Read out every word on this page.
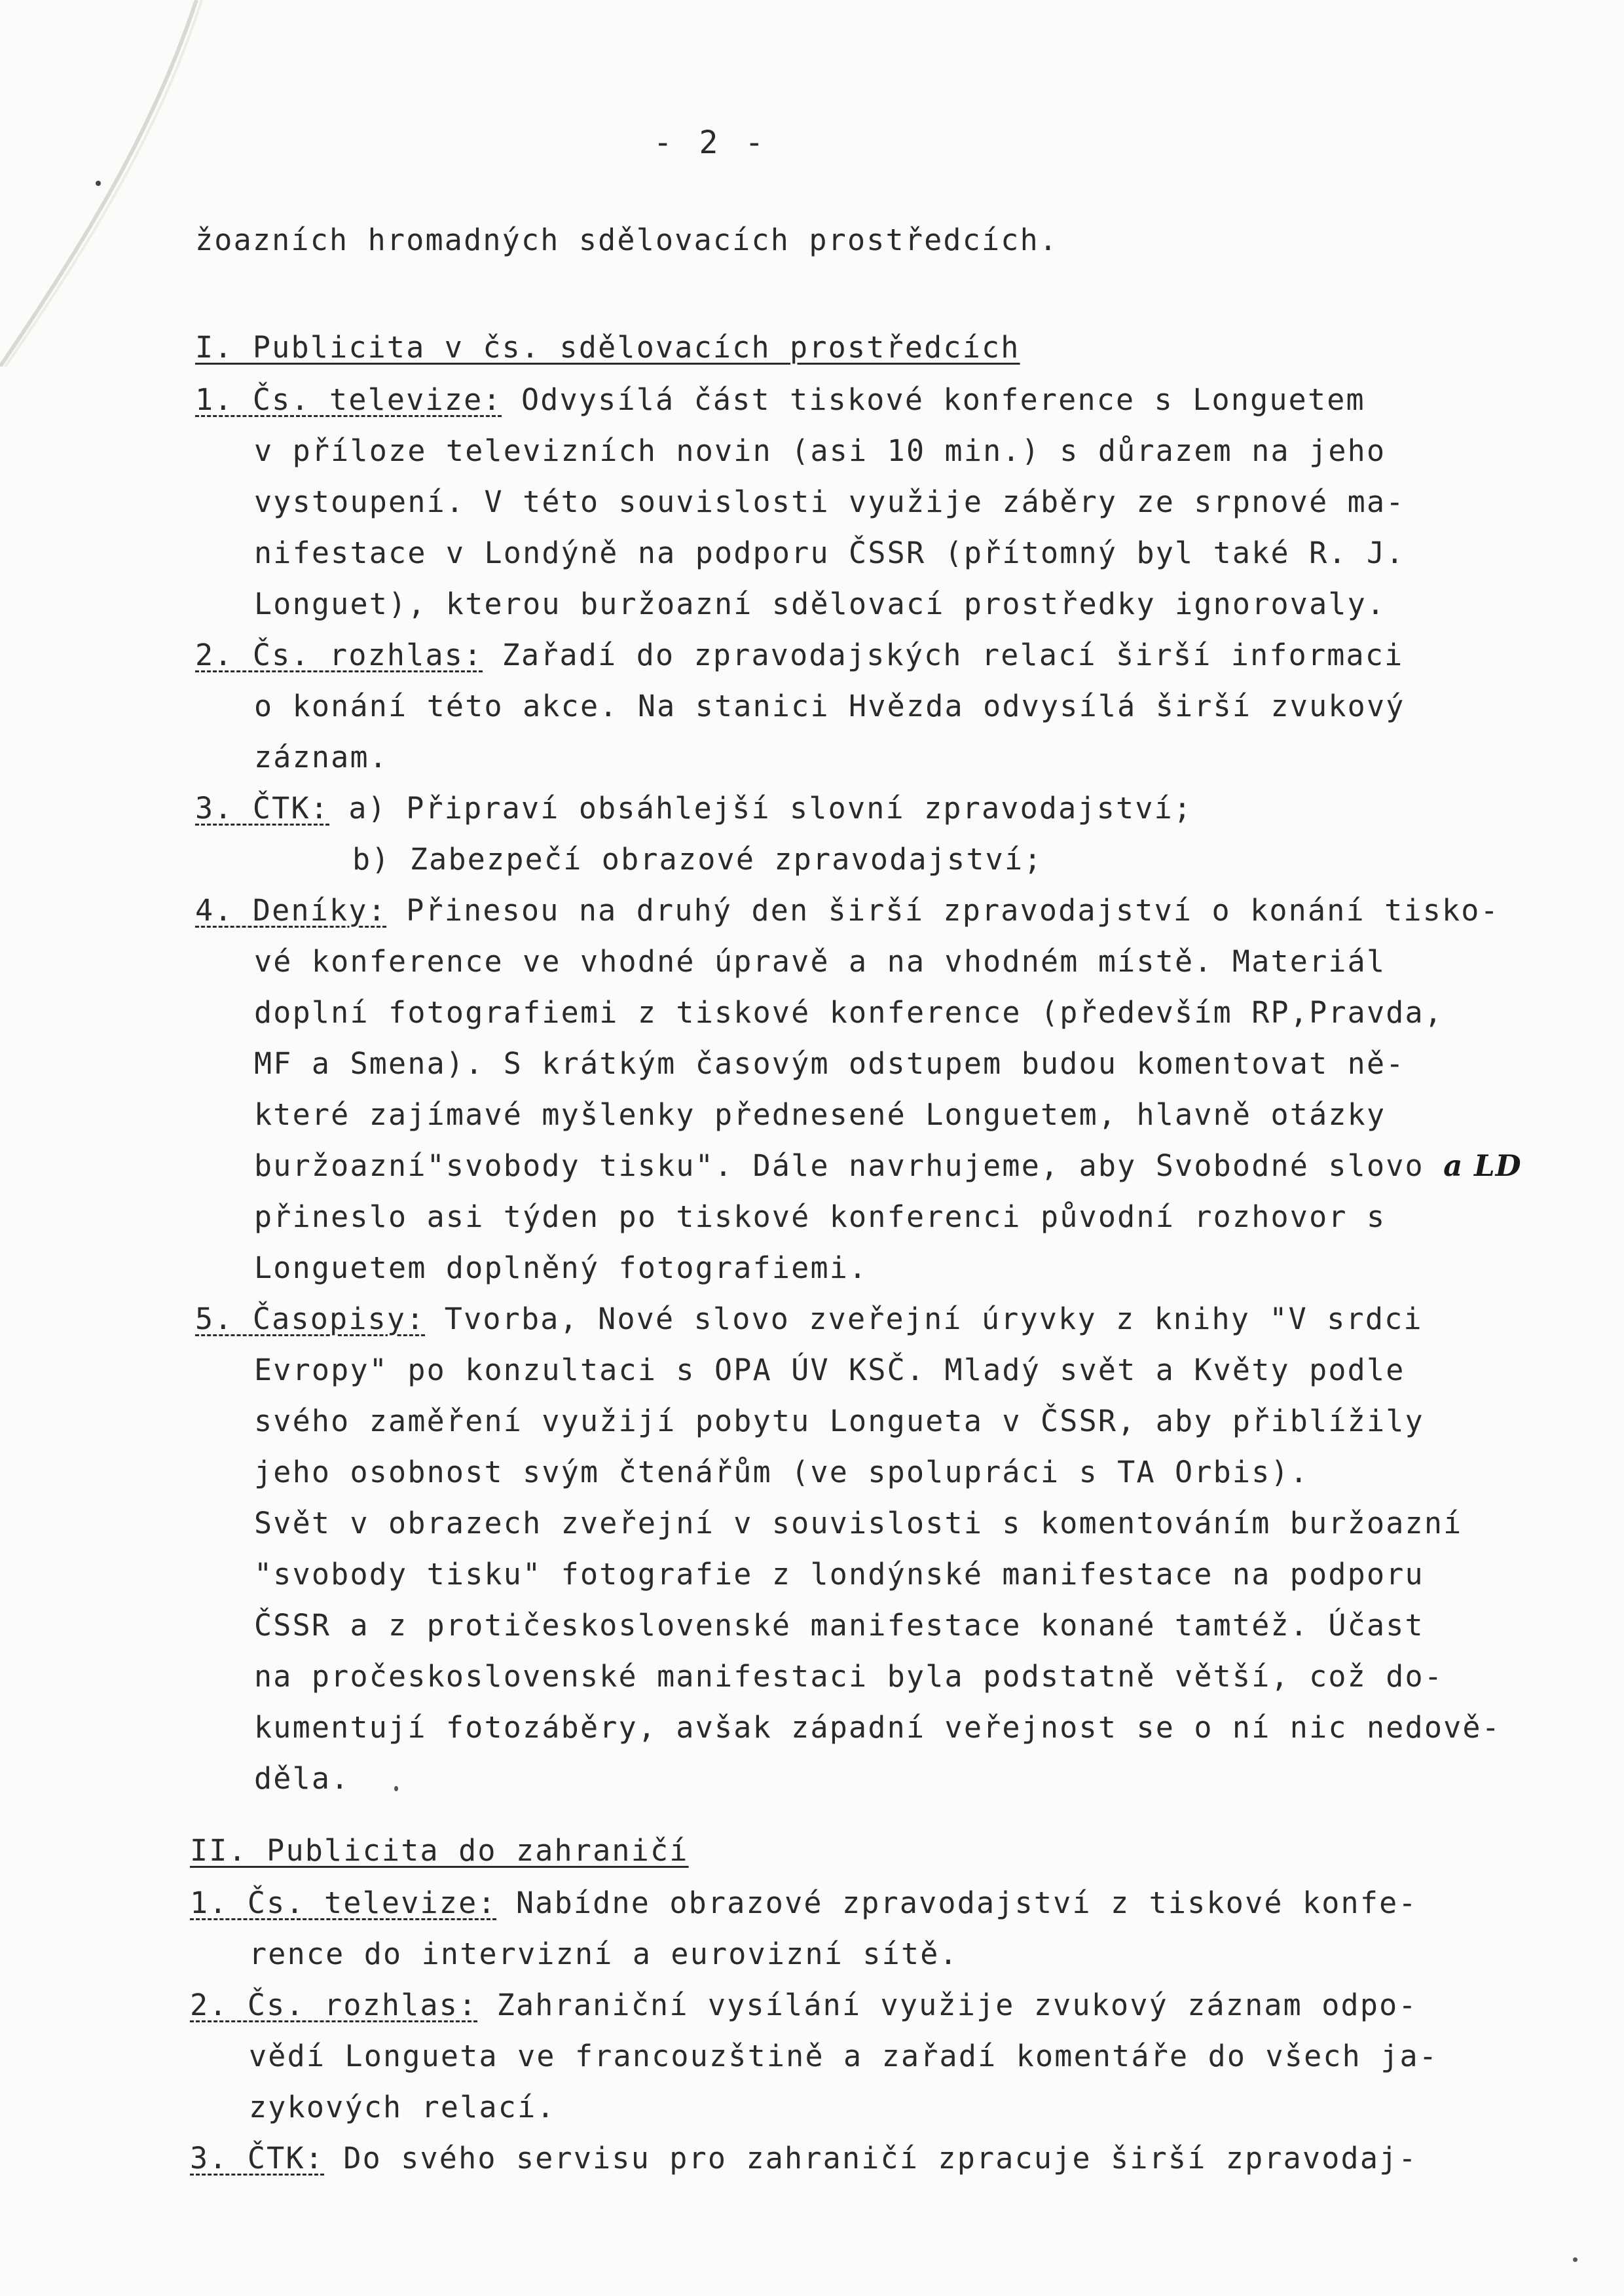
- 2 -
žoazních hromadných sdělovacích prostředcích.
I. Publicita v čs. sdělovacích prostředcích
1. Čs. televize: Odvysílá část tiskové konference s Longuetem
v příloze televizních novin (asi 10 min.) s důrazem na jeho
vystoupení. V této souvislosti využije záběry ze srpnové ma-
nifestace v Londýně na podporu ČSSR (přítomný byl také R. J.
Longuet), kterou buržoazní sdělovací prostředky ignorovaly.
2. Čs. rozhlas: Zařadí do zpravodajských relací širší informaci
o konání této akce. Na stanici Hvězda odvysílá širší zvukový
záznam.
3. ČTK: a) Připraví obsáhlejší slovní zpravodajství;
b) Zabezpečí obrazové zpravodajství;
4. Deníky: Přinesou na druhý den širší zpravodajství o konání tisko-
vé konference ve vhodné úpravě a na vhodném místě. Materiál
doplní fotografiemi z tiskové konference (především RP,Pravda,
MF a Smena). S krátkým časovým odstupem budou komentovat ně-
které zajímavé myšlenky přednesené Longuetem, hlavně otázky
buržoazní"svobody tisku". Dále navrhujeme, aby Svobodné slovo a LD
přineslo asi týden po tiskové konferenci původní rozhovor s
Longuetem doplněný fotografiemi.
5. Časopisy: Tvorba, Nové slovo zveřejní úryvky z knihy "V srdci
Evropy" po konzultaci s OPA ÚV KSČ. Mladý svět a Květy podle
svého zaměření využijí pobytu Longueta v ČSSR, aby přiblížily
jeho osobnost svým čtenářům (ve spolupráci s TA Orbis).
Svět v obrazech zveřejní v souvislosti s komentováním buržoazní
"svobody tisku" fotografie z londýnské manifestace na podporu
ČSSR a z protičeskoslovenské manifestace konané tamtéž. Účast
na pročeskoslovenské manifestaci byla podstatně větší, což do-
kumentují fotozáběry, avšak západní veřejnost se o ní nic nedově-
děla.
II. Publicita do zahraničí
1. Čs. televize: Nabídne obrazové zpravodajství z tiskové konfe-
rence do intervizní a eurovizní sítě.
2. Čs. rozhlas: Zahraniční vysílání využije zvukový záznam odpo-
vědí Longueta ve francouzštině a zařadí komentáře do všech ja-
zykových relací.
3. ČTK: Do svého servisu pro zahraničí zpracuje širší zpravodaj-
